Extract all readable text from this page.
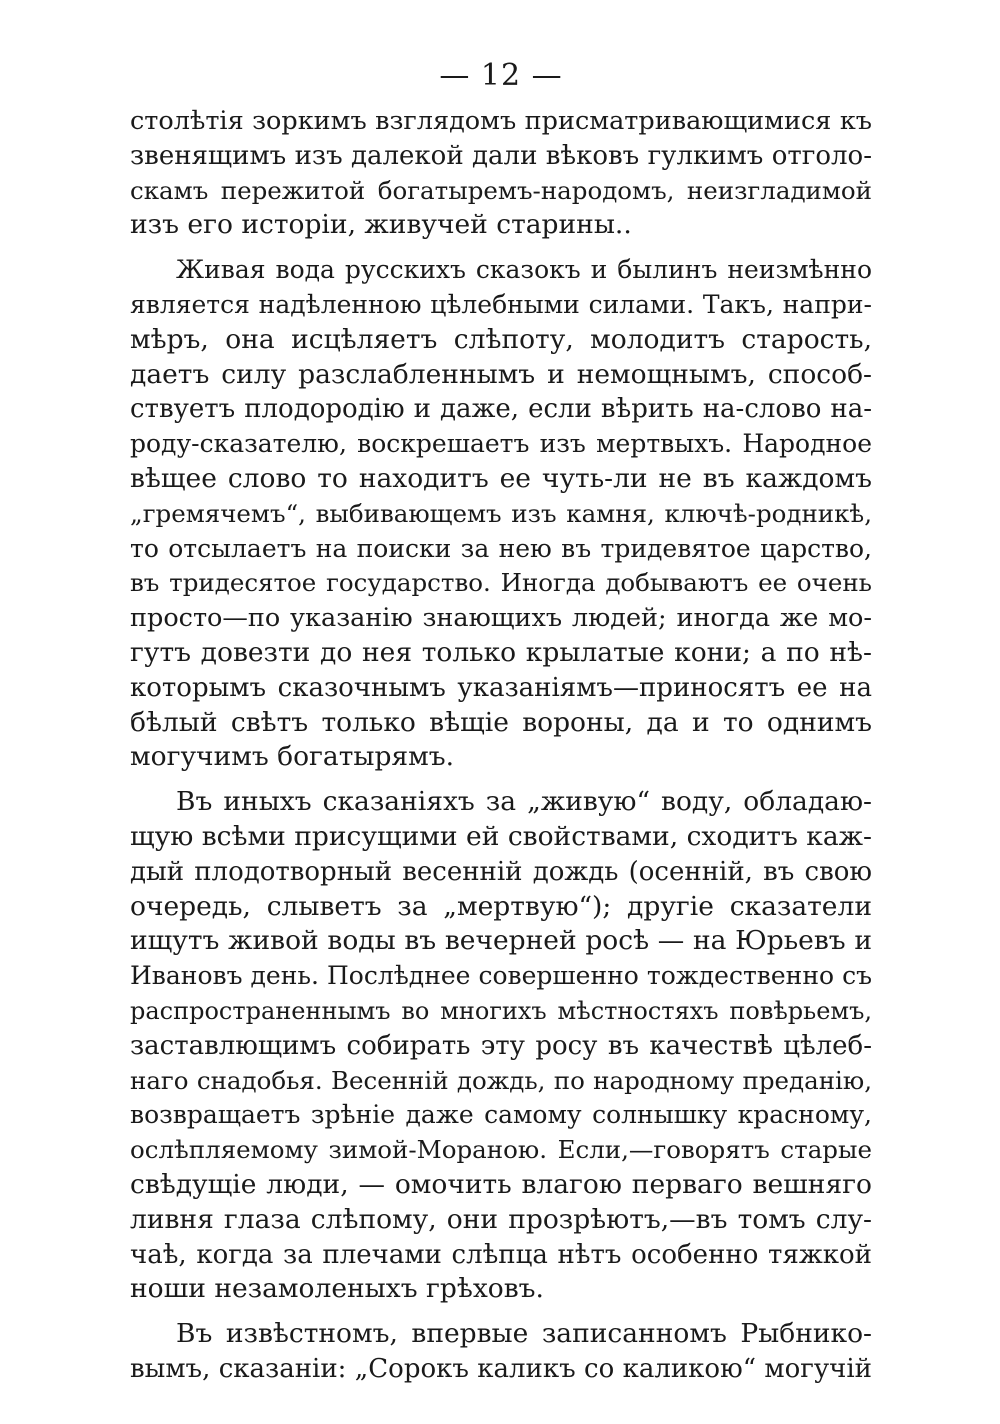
— 12 —
столѣтія зоркимъ взглядомъ присматривающимися къ
звенящимъ изъ далекой дали вѣковъ гулкимъ отголо-
скамъ пережитой богатыремъ-народомъ, неизгладимой
изъ его исторіи, живучей старины..
Живая вода русскихъ сказокъ и былинъ неизмѣнно
является надѣленною цѣлебными силами. Такъ, напри-
мѣръ, она исцѣляетъ слѣпоту, молодитъ старость,
даетъ силу разслабленнымъ и немощнымъ, способ-
ствуетъ плодородію и даже, если вѣрить на-слово на-
роду-сказателю, воскрешаетъ изъ мертвыхъ. Народное
вѣщее слово то находитъ ее чуть-ли не въ каждомъ
„гремячемъ“, выбивающемъ изъ камня, ключѣ-родникѣ,
то отсылаетъ на поиски за нею въ тридевятое царство,
въ тридесятое государство. Иногда добываютъ ее очень
просто—по указанію знающихъ людей; иногда же мо-
гутъ довезти до нея только крылатые кони; а по нѣ-
которымъ сказочнымъ указаніямъ—приносятъ ее на
бѣлый свѣтъ только вѣщіе вороны, да и то однимъ
могучимъ богатырямъ.
Въ иныхъ сказаніяхъ за „живую“ воду, обладаю-
щую всѣми присущими ей свойствами, сходитъ каж-
дый плодотворный весенній дождь (осенній, въ свою
очередь, слыветъ за „мертвую“); другіе сказатели
ищутъ живой воды въ вечерней росѣ — на Юрьевъ и
Ивановъ день. Послѣднее совершенно тождественно съ
распространеннымъ во многихъ мѣстностяхъ повѣрьемъ,
заставлющимъ собирать эту росу въ качествѣ цѣлеб-
наго снадобья. Весенній дождь, по народному преданію,
возвращаетъ зрѣніе даже самому солнышку красному,
ослѣпляемому зимой-Мораною. Если,—говорятъ старые
свѣдущіе люди, — омочить влагою перваго вешняго
ливня глаза слѣпому, они прозрѣютъ,—въ томъ слу-
чаѣ, когда за плечами слѣпца нѣтъ особенно тяжкой
ноши незамоленыхъ грѣховъ.
Въ извѣстномъ, впервые записанномъ Рыбнико-
вымъ, сказаніи: „Сорокъ каликъ со каликою“ могучій
